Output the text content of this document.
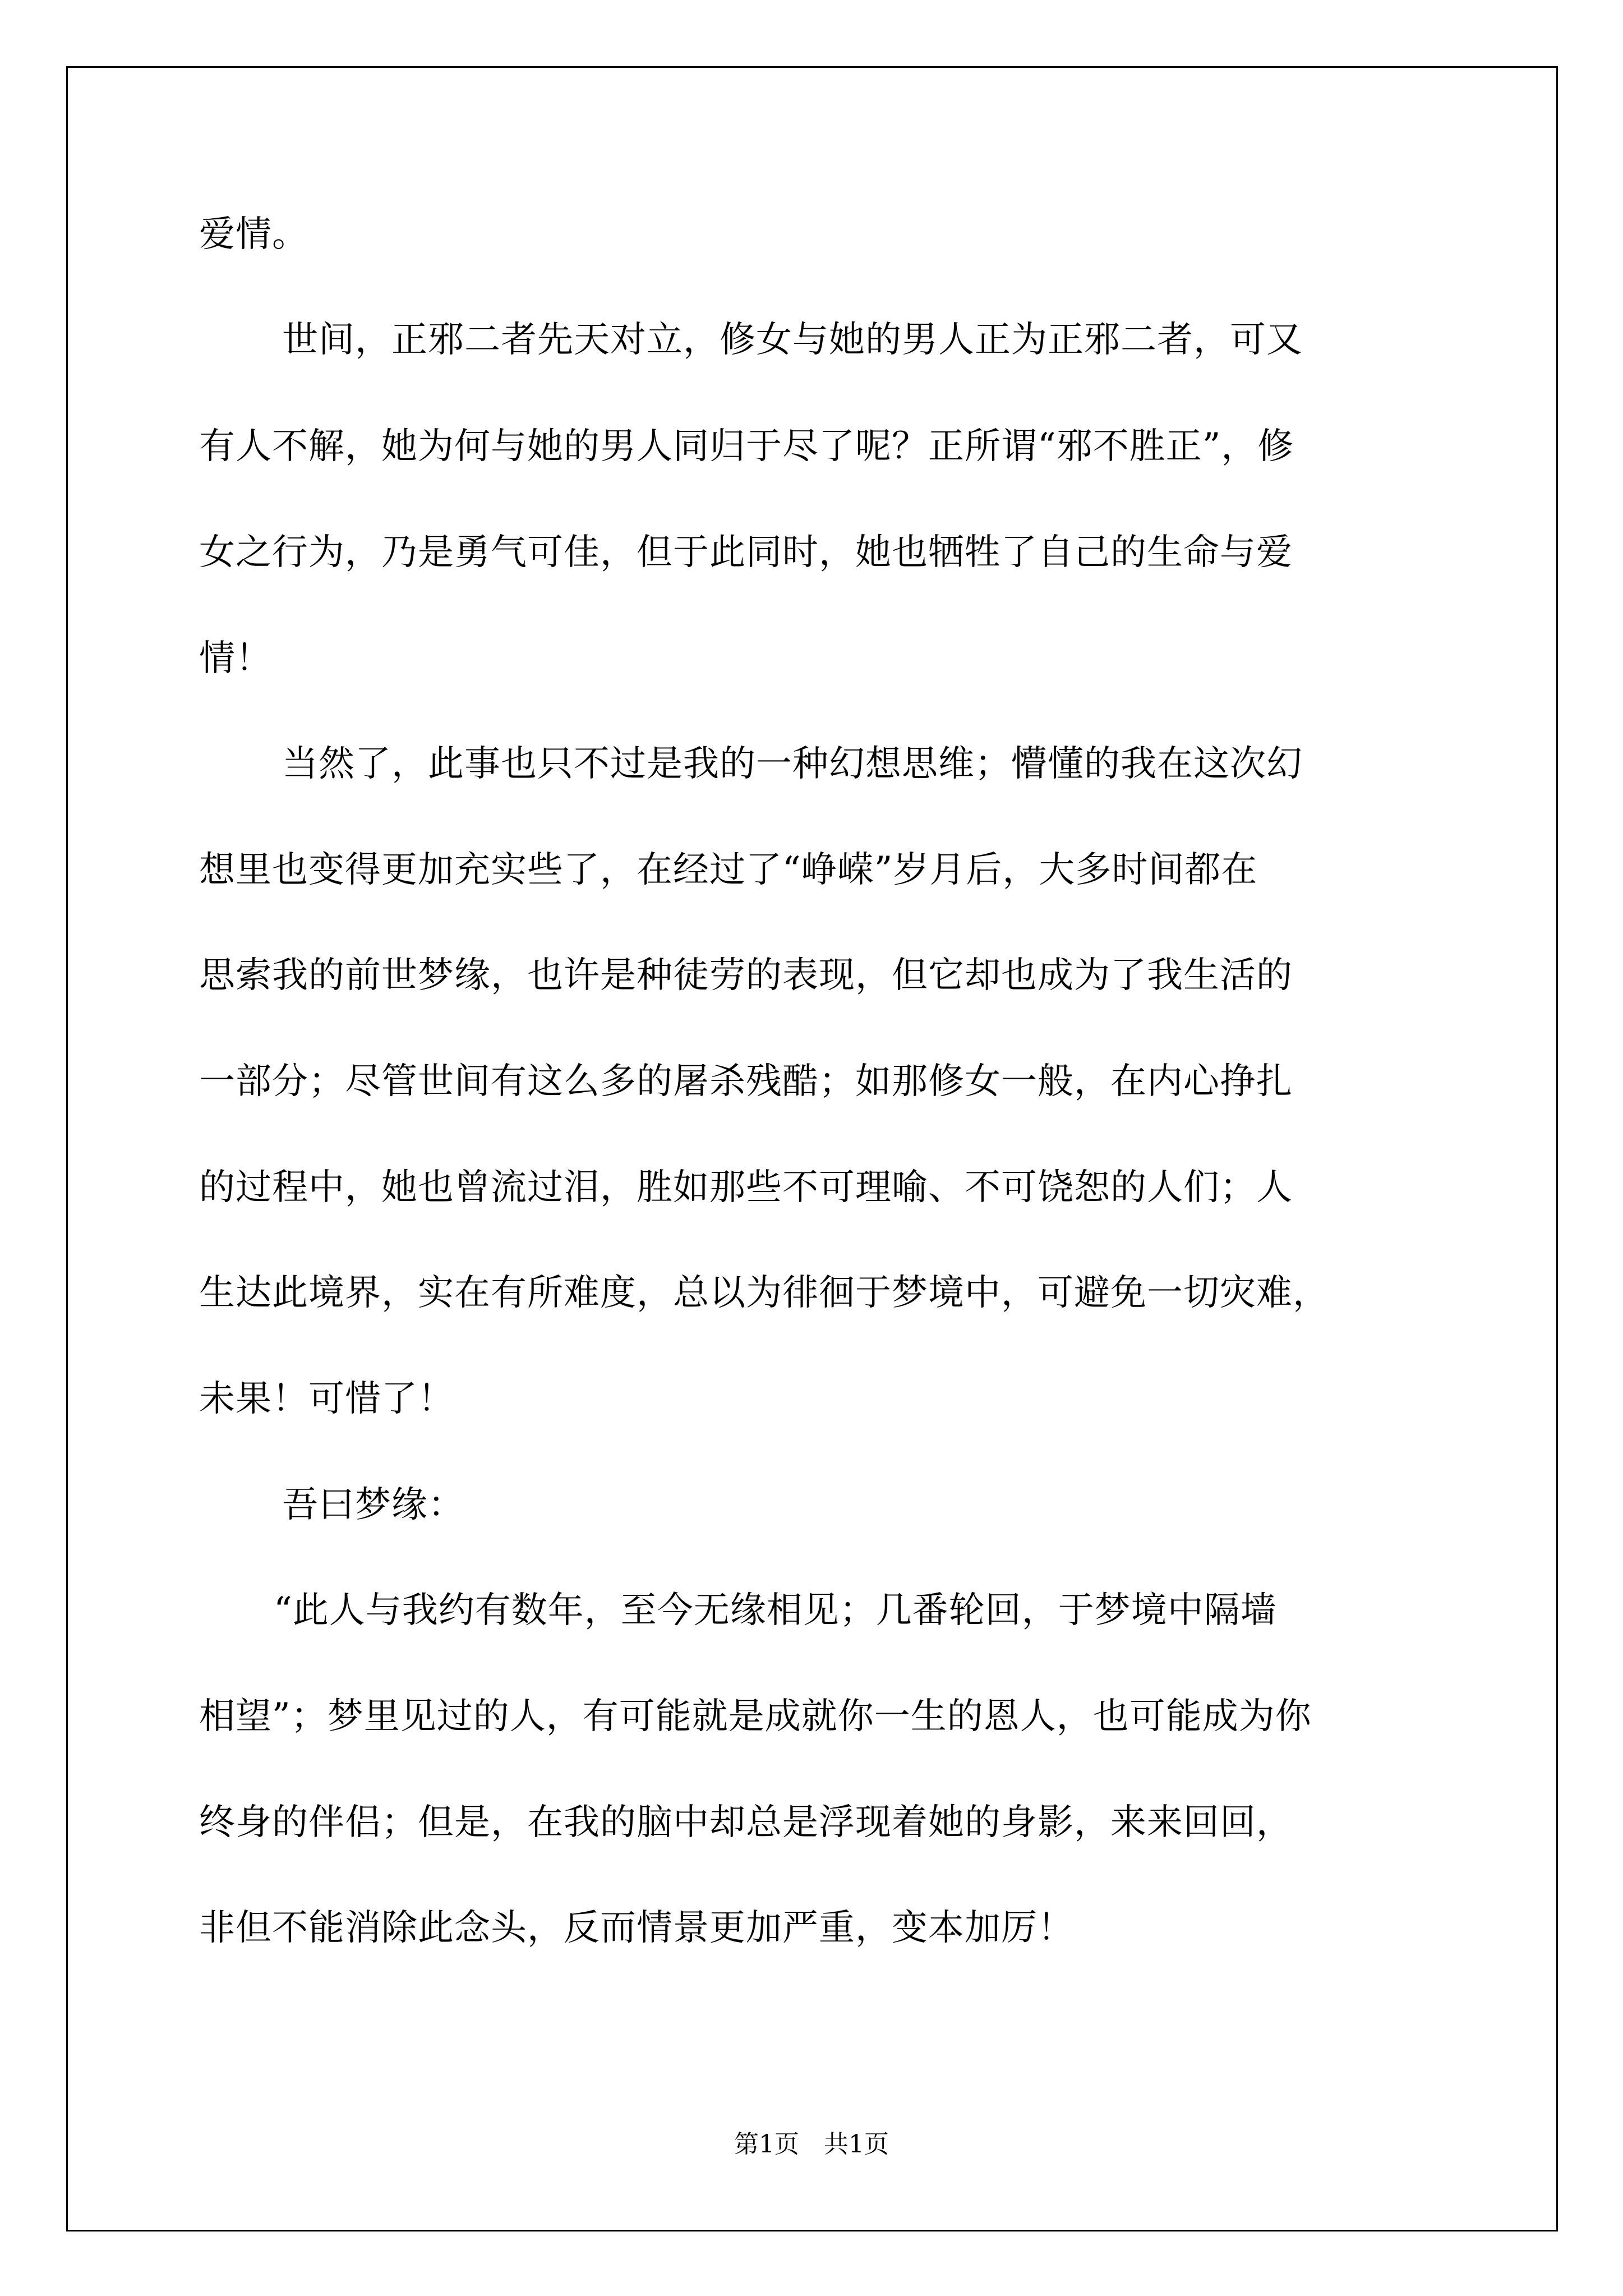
爱情。
世间，正邪二者先天对立，修女与她的男人正为正邪二者，可又
有人不解，她为何与她的男人同归于尽了呢？正所谓“邪不胜正”，修
女之行为，乃是勇气可佳，但于此同时，她也牺牲了自己的生命与爱
情！
当然了，此事也只不过是我的一种幻想思维；懵懂的我在这次幻
想里也变得更加充实些了，在经过了“峥嵘”岁月后，大多时间都在
思索我的前世梦缘，也许是种徒劳的表现，但它却也成为了我生活的
一部分；尽管世间有这么多的屠杀残酷；如那修女一般，在内心挣扎
的过程中，她也曾流过泪，胜如那些不可理喻、不可饶恕的人们；人
生达此境界，实在有所难度，总以为徘徊于梦境中，可避免一切灾难，
未果！可惜了！
吾曰梦缘：
“此人与我约有数年，至今无缘相见；几番轮回，于梦境中隔墙
相望”；梦里见过的人，有可能就是成就你一生的恩人，也可能成为你
终身的伴侣；但是，在我的脑中却总是浮现着她的身影，来来回回，
非但不能消除此念头，反而情景更加严重，变本加厉！
第1页　共1页
